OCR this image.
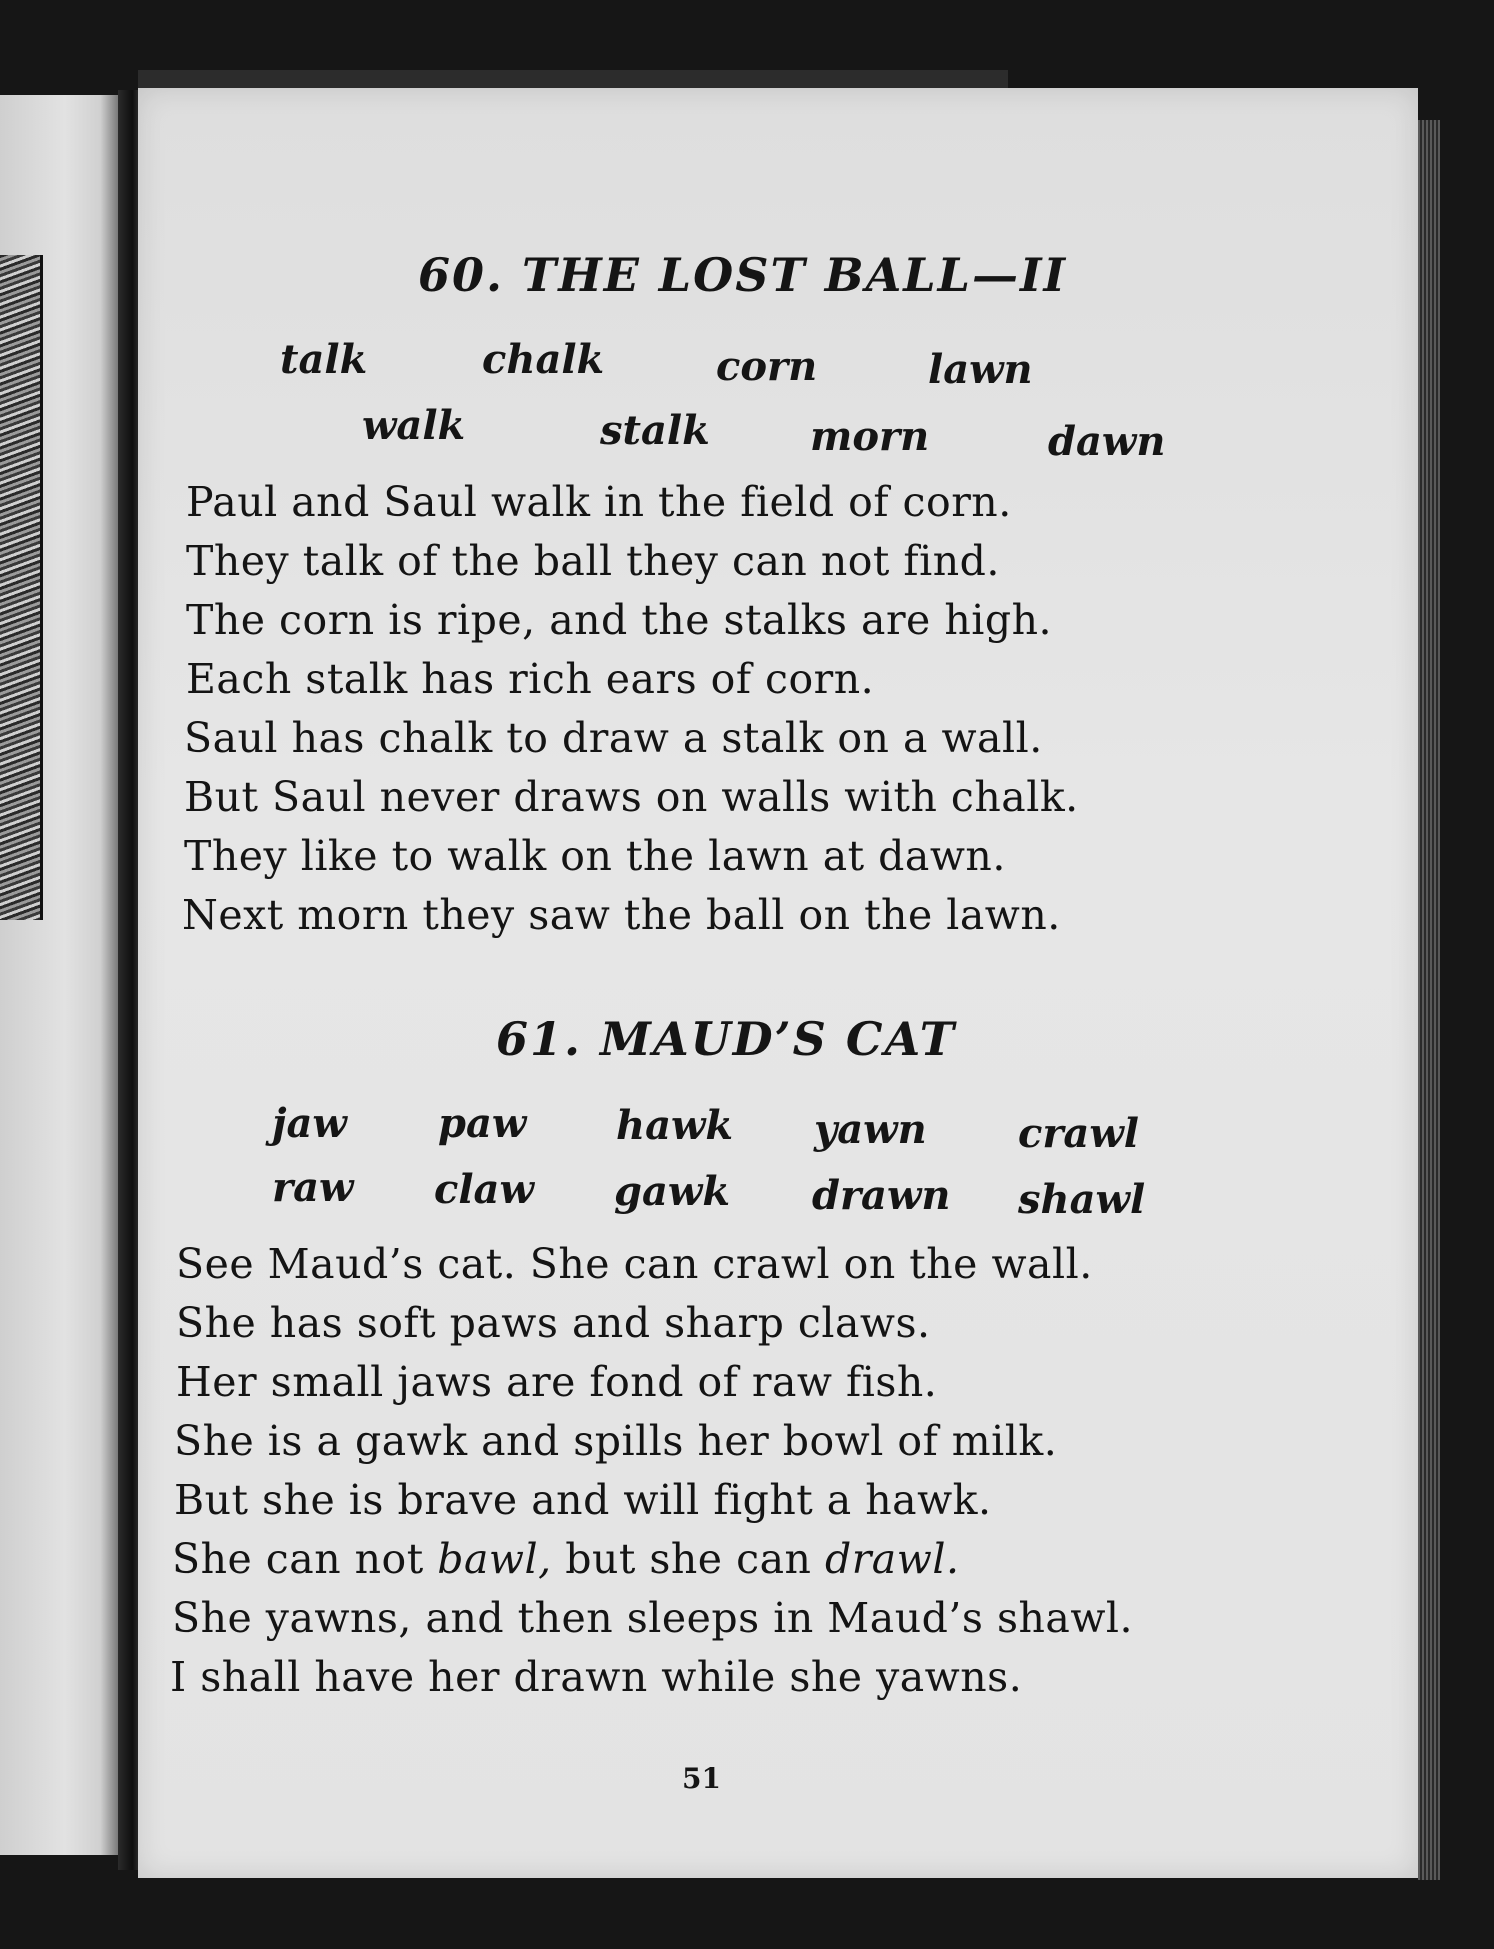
60. THE LOST BALL—II
talk	chalk	corn	lawn
walk	stalk	morn	dawn
Paul and Saul walk in the field of corn.
They talk of the ball they can not find.
The corn is ripe, and the stalks are high.
Each stalk has rich ears of corn.
Saul has chalk to draw a stalk on a wall.
But Saul never draws on walls with chalk.
They like to walk on the lawn at dawn.
Next morn they saw the ball on the lawn.
61. MAUD’S CAT
jaw paw hawk yawn crawl
raw claw gawk drawn shawl
See Maud’s cat. She can crawl on the wall.
She has soft paws and sharp claws.
Her small jaws are fond of raw fish.
She is a gawk and spills her bowl of milk.
But she is brave and will fight a hawk.
She can not bawl, but she can drawl.
She yawns, and then sleeps in Maud’s shawl.
I shall have her drawn while she yawns.
51
